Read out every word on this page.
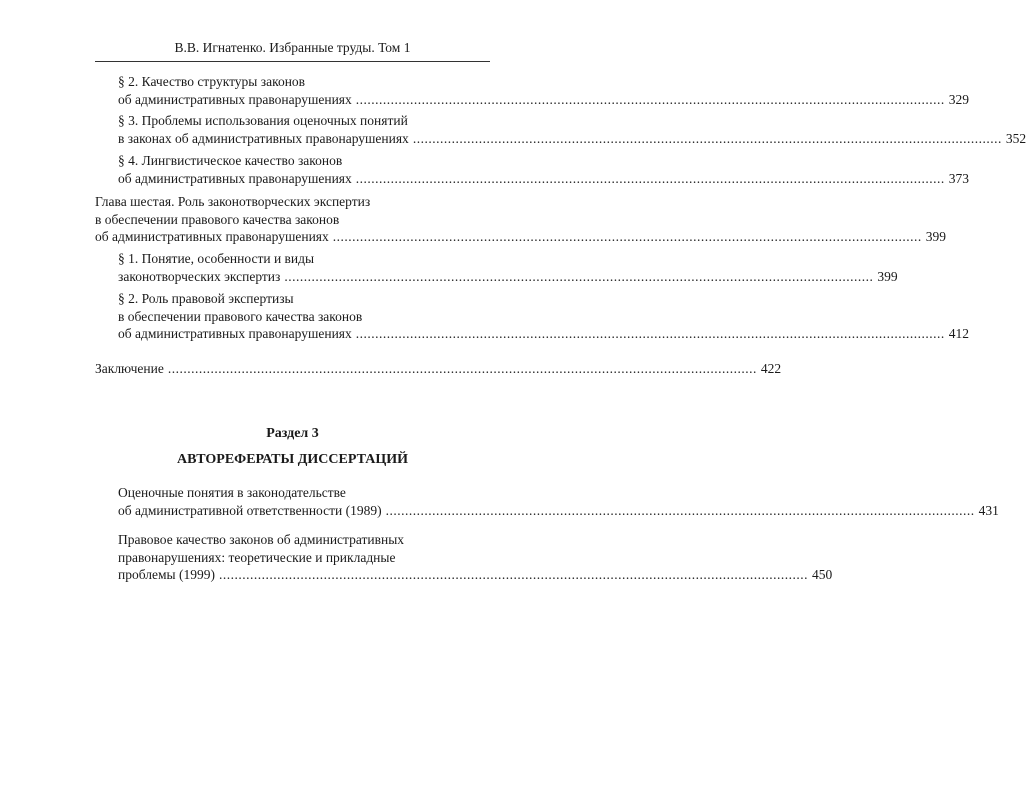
В.В. Игнатенко. Избранные труды. Том 1
§ 2. Качество структуры законов
об административных правонарушениях ........................................................................................................................................................ 329
§ 3. Проблемы использования оценочных понятий
в законах об административных правонарушениях ........................................................................................................................................................ 352
§ 4. Лингвистическое качество законов
об административных правонарушениях ........................................................................................................................................................ 373
Глава шестая. Роль законотворческих экспертиз
в обеспечении правового качества законов
об административных правонарушениях ........................................................................................................................................................ 399
§ 1. Понятие, особенности и виды
законотворческих экспертиз ........................................................................................................................................................ 399
§ 2. Роль правовой экспертизы
в обеспечении правового качества законов
об административных правонарушениях ........................................................................................................................................................ 412
Заключение ........................................................................................................................................................ 422
Раздел 3
АВТОРЕФЕРАТЫ ДИССЕРТАЦИЙ
Оценочные понятия в законодательстве
об административной ответственности (1989) ........................................................................................................................................................ 431
Правовое качество законов об административных
правонарушениях: теоретические и прикладные
проблемы (1999) ........................................................................................................................................................ 450
